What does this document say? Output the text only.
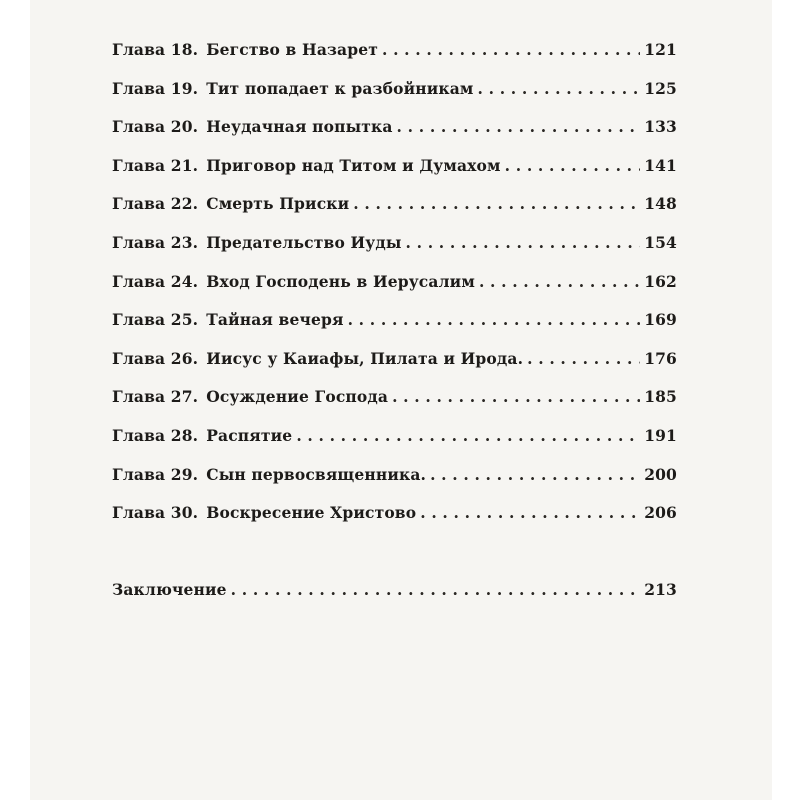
Глава 18. Бегство в Назарет . . .	121
Глава 19. Тит попадает к разбойникам . . .	125
Глава 20. Неудачная попытка . . .	133
Глава 21. Приговор над Титом и Думахом . . .	141
Глава 22. Смерть Приски . . .	148
Глава 23. Предательство Иуды . . .	154
Глава 24. Вход Господень в Иерусалим . . .	162
Глава 25. Тайная вечеря . . .	169
Глава 26. Иисус у Каиафы, Пилата и Ирода. . . .	176
Глава 27. Осуждение Господа . . .	185
Глава 28. Распятие . . .	191
Глава 29. Сын первосвященника. . . .	200
Глава 30. Воскресение Христово . . .	206
Заключение . . .	213
